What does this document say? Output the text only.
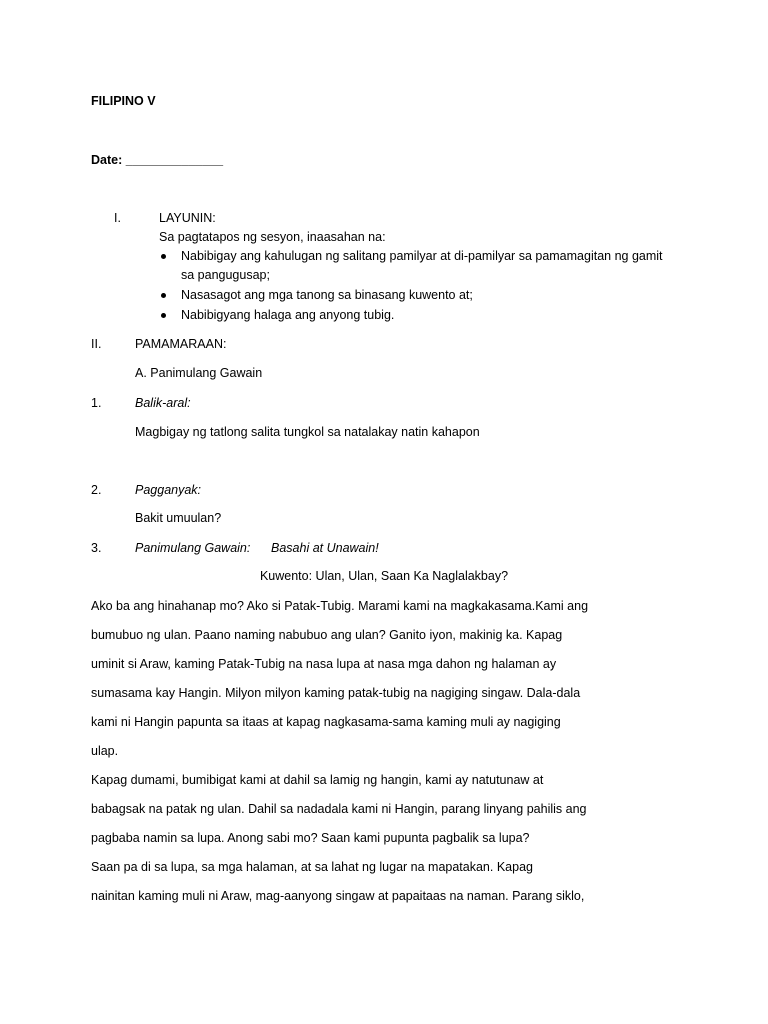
FILIPINO V
Date: ______________
I.	LAYUNIN:
Sa pagtatapos ng sesyon, inaasahan na:
Nabibigay ang kahulugan ng salitang pamilyar at di-pamilyar sa pamamagitan ng gamit
sa pangugusap;
Nasasagot ang mga tanong sa binasang kuwento at;
Nabibigyang halaga ang anyong tubig.
II.	PAMAMARAAN:
A. Panimulang Gawain
1.	Balik-aral:
Magbigay ng tatlong salita tungkol sa natalakay natin kahapon
2.	Pagganyak:
Bakit umuulan?
3.	Panimulang Gawain: Basahi at Unawain!
Kuwento: Ulan, Ulan, Saan Ka Naglalakbay?
Ako ba ang hinahanap mo? Ako si Patak-Tubig. Marami kami na magkakasama.Kami ang
bumubuo ng ulan. Paano naming nabubuo ang ulan? Ganito iyon, makinig ka. Kapag
uminit si Araw, kaming Patak-Tubig na nasa lupa at nasa mga dahon ng halaman ay
sumasama kay Hangin. Milyon milyon kaming patak-tubig na nagiging singaw. Dala-dala
kami ni Hangin papunta sa itaas at kapag nagkasama-sama kaming muli ay nagiging
ulap.
Kapag dumami, bumibigat kami at dahil sa lamig ng hangin, kami ay natutunaw at
babagsak na patak ng ulan. Dahil sa nadadala kami ni Hangin, parang linyang pahilis ang
pagbaba namin sa lupa. Anong sabi mo? Saan kami pupunta pagbalik sa lupa?
Saan pa di sa lupa, sa mga halaman, at sa lahat ng lugar na mapatakan. Kapag
nainitan kaming muli ni Araw, mag-aanyong singaw at papaitaas na naman. Parang siklo,
